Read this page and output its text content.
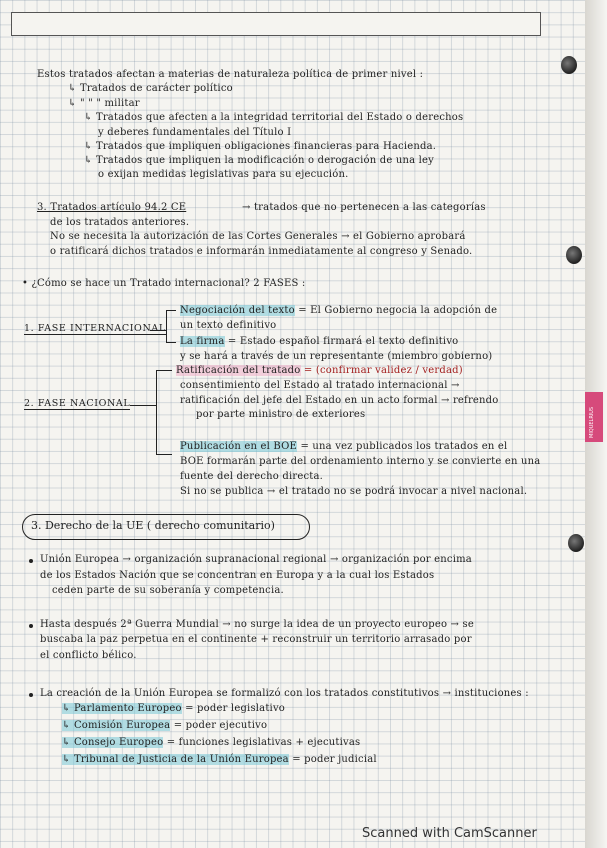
MIQUELRIUS
Estos tratados afectan a materias de naturaleza política de primer nivel :
↳ Tratados de carácter político
↳ " " " militar
↳ Tratados que afecten a la integridad territorial del Estado o derechos
y deberes fundamentales del Título I
↳ Tratados que impliquen obligaciones financieras para Hacienda.
↳ Tratados que impliquen la modificación o derogación de una ley
o exijan medidas legislativas para su ejecución.
3. Tratados artículo 94.2 CE	→ tratados que no pertenecen a las categorías
de los tratados anteriores.
No se necesita la autorización de las Cortes Generales → el Gobierno aprobará
o ratificará dichos tratados e informarán inmediatamente al congreso y Senado.
• ¿Cómo se hace un Tratado internacional? 2 FASES :
1. FASE INTERNACIONAL
Negociación del texto = El Gobierno negocia la adopción de
un texto definitivo
La firma = Estado español firmará el texto definitivo
y se hará a través de un representante (miembro gobierno)
2. FASE NACIONAL
Ratificación del tratado = (confirmar validez / verdad)
consentimiento del Estado al tratado internacional →
ratificación del jefe del Estado en un acto formal → refrendo
por parte ministro de exteriores
Publicación en el BOE = una vez publicados los tratados en el
BOE formarán parte del ordenamiento interno y se convierte en una
fuente del derecho directa.
Si no se publica → el tratado no se podrá invocar a nivel nacional.
3. Derecho de la UE ( derecho comunitario)
Unión Europea → organización supranacional regional → organización por encima
de los Estados Nación que se concentran en Europa y a la cual los Estados
ceden parte de su soberanía y competencia.
Hasta después 2ª Guerra Mundial → no surge la idea de un proyecto europeo → se
buscaba la paz perpetua en el continente + reconstruir un territorio arrasado por
el conflicto bélico.
La creación de la Unión Europea se formalizó con los tratados constitutivos → instituciones :
↳ Parlamento Europeo = poder legislativo
↳ Comisión Europea = poder ejecutivo
↳ Consejo Europeo = funciones legislativas + ejecutivas
↳ Tribunal de Justicia de la Unión Europea = poder judicial
Scanned with CamScanner
